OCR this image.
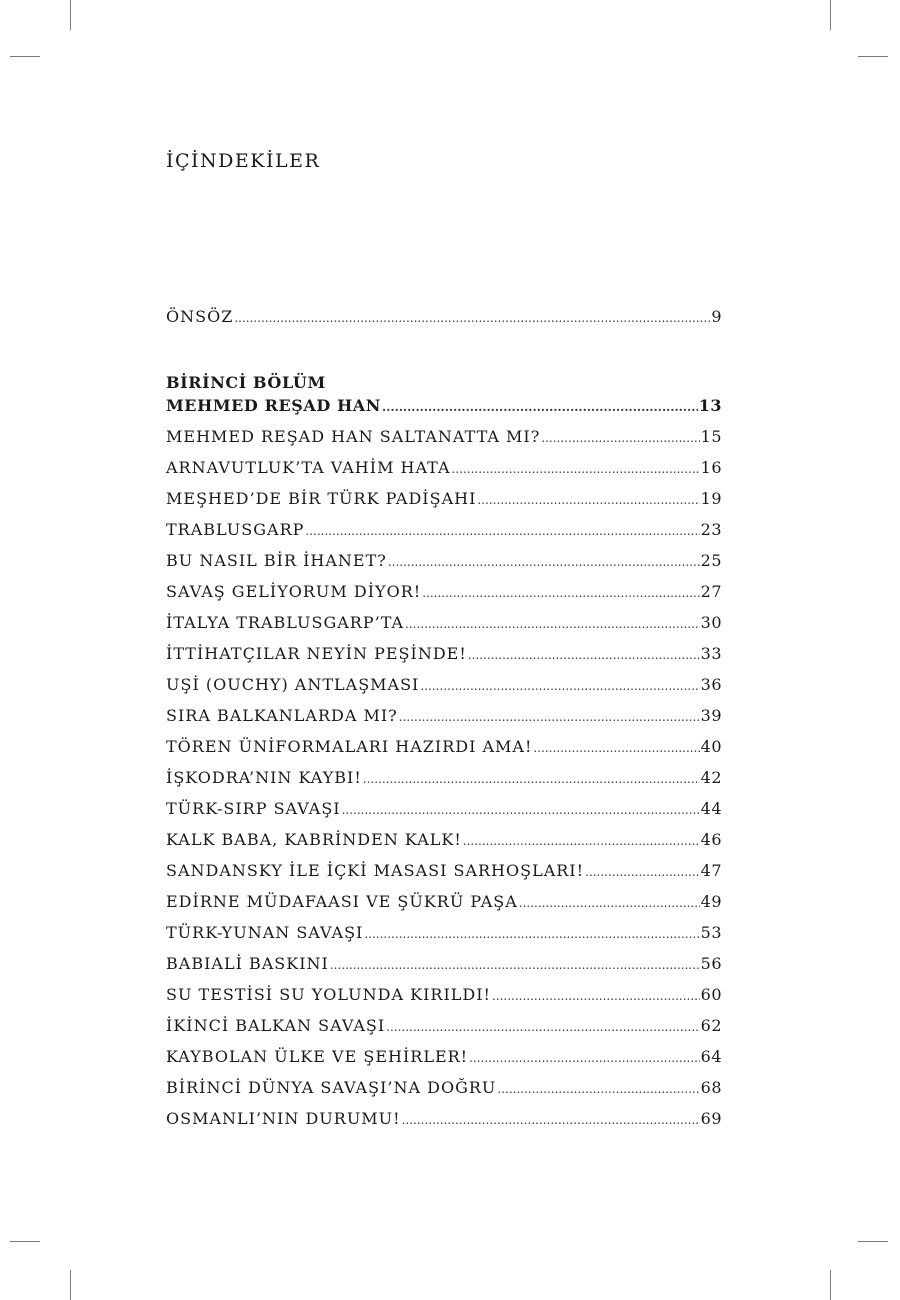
İÇİNDEKİLER
ÖNSÖZ .....	9
BİRİNCİ BÖLÜM
MEHMED REŞAD HAN .....	13
MEHMED REŞAD HAN SALTANATTA MI? .....	15
ARNAVUTLUK’TA VAHİM HATA .....	16
MEŞHED’DE BİR TÜRK PADİŞAHI .....	19
TRABLUSGARP .....	23
BU NASIL BİR İHANET? .....	25
SAVAŞ GELİYORUM DİYOR! .....	27
İTALYA TRABLUSGARP’TA .....	30
İTTİHATÇILAR NEYİN PEŞİNDE! .....	33
UŞİ (OUCHY) ANTLAŞMASI .....	36
SIRA BALKANLARDA MI? .....	39
TÖREN ÜNİFORMALARI HAZIRDI AMA! .....	40
İŞKODRA’NIN KAYBI! .....	42
TÜRK-SIRP SAVAŞI .....	44
KALK BABA, KABRİNDEN KALK! .....	46
SANDANSKY İLE İÇKİ MASASI SARHOŞLARI! .....	47
EDİRNE MÜDAFAASI VE ŞÜKRÜ PAŞA .....	49
TÜRK-YUNAN SAVAŞI .....	53
BABIALİ BASKINI .....	56
SU TESTİSİ SU YOLUNDA KIRILDI! .....	60
İKİNCİ BALKAN SAVAŞI .....	62
KAYBOLAN ÜLKE VE ŞEHİRLER! .....	64
BİRİNCİ DÜNYA SAVAŞI’NA DOĞRU .....	68
OSMANLI’NIN DURUMU! .....	69
